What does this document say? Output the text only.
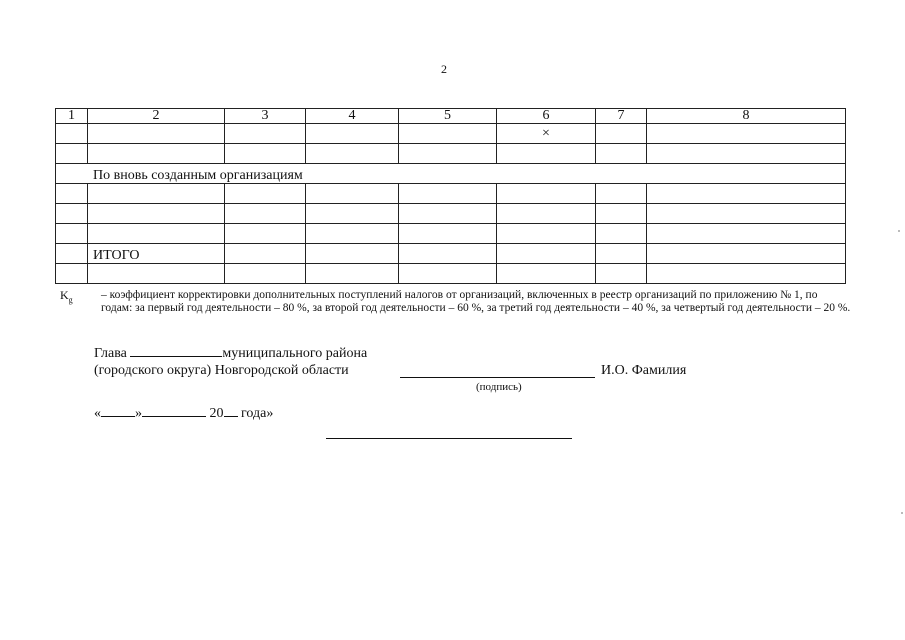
2
1	2	3	4	5	6	7	8
					×		

По вновь созданным организациям							

	ИТОГО						

$K_g$ – коэффициент корректировки дополнительных поступлений налогов от организаций, включенных в реестр организаций по приложению № 1, по годам: за первый год деятельности – 80 %, за второй год деятельности – 60 %, за третий год деятельности – 40 %, за четвертый год деятельности – 20 %.
Глава	муниципального района
(городского округа) Новгородской области
(подпись)
И.О. Фамилия
« »	20 года»
